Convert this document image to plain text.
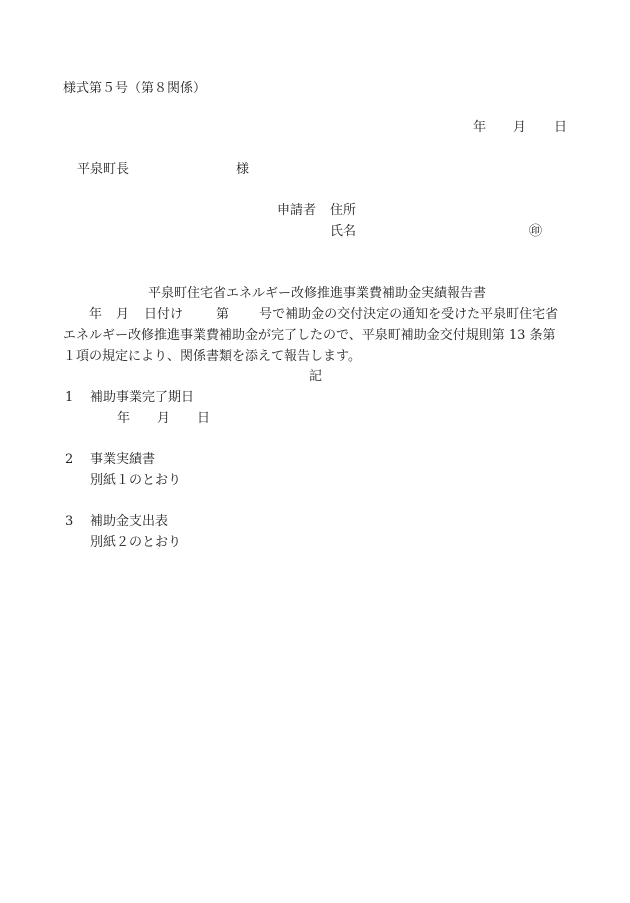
様式第５号（第８関係）
年 月 日
平泉町長	様
申請者 住所
氏名	㊞
平泉町住宅省エネルギー改修推進事業費補助金実績報告書
年 月 日付け	第 号で補助金の交付決定の通知を受けた平泉町住宅省
エネルギー改修推進事業費補助金が完了したので、平泉町補助金交付規則第 13 条第
１項の規定により、関係書類を添えて報告します。
記
1 補助事業完了期日
年 月 日
2 事業実績書
別紙１のとおり
3 補助金支出表
別紙２のとおり
